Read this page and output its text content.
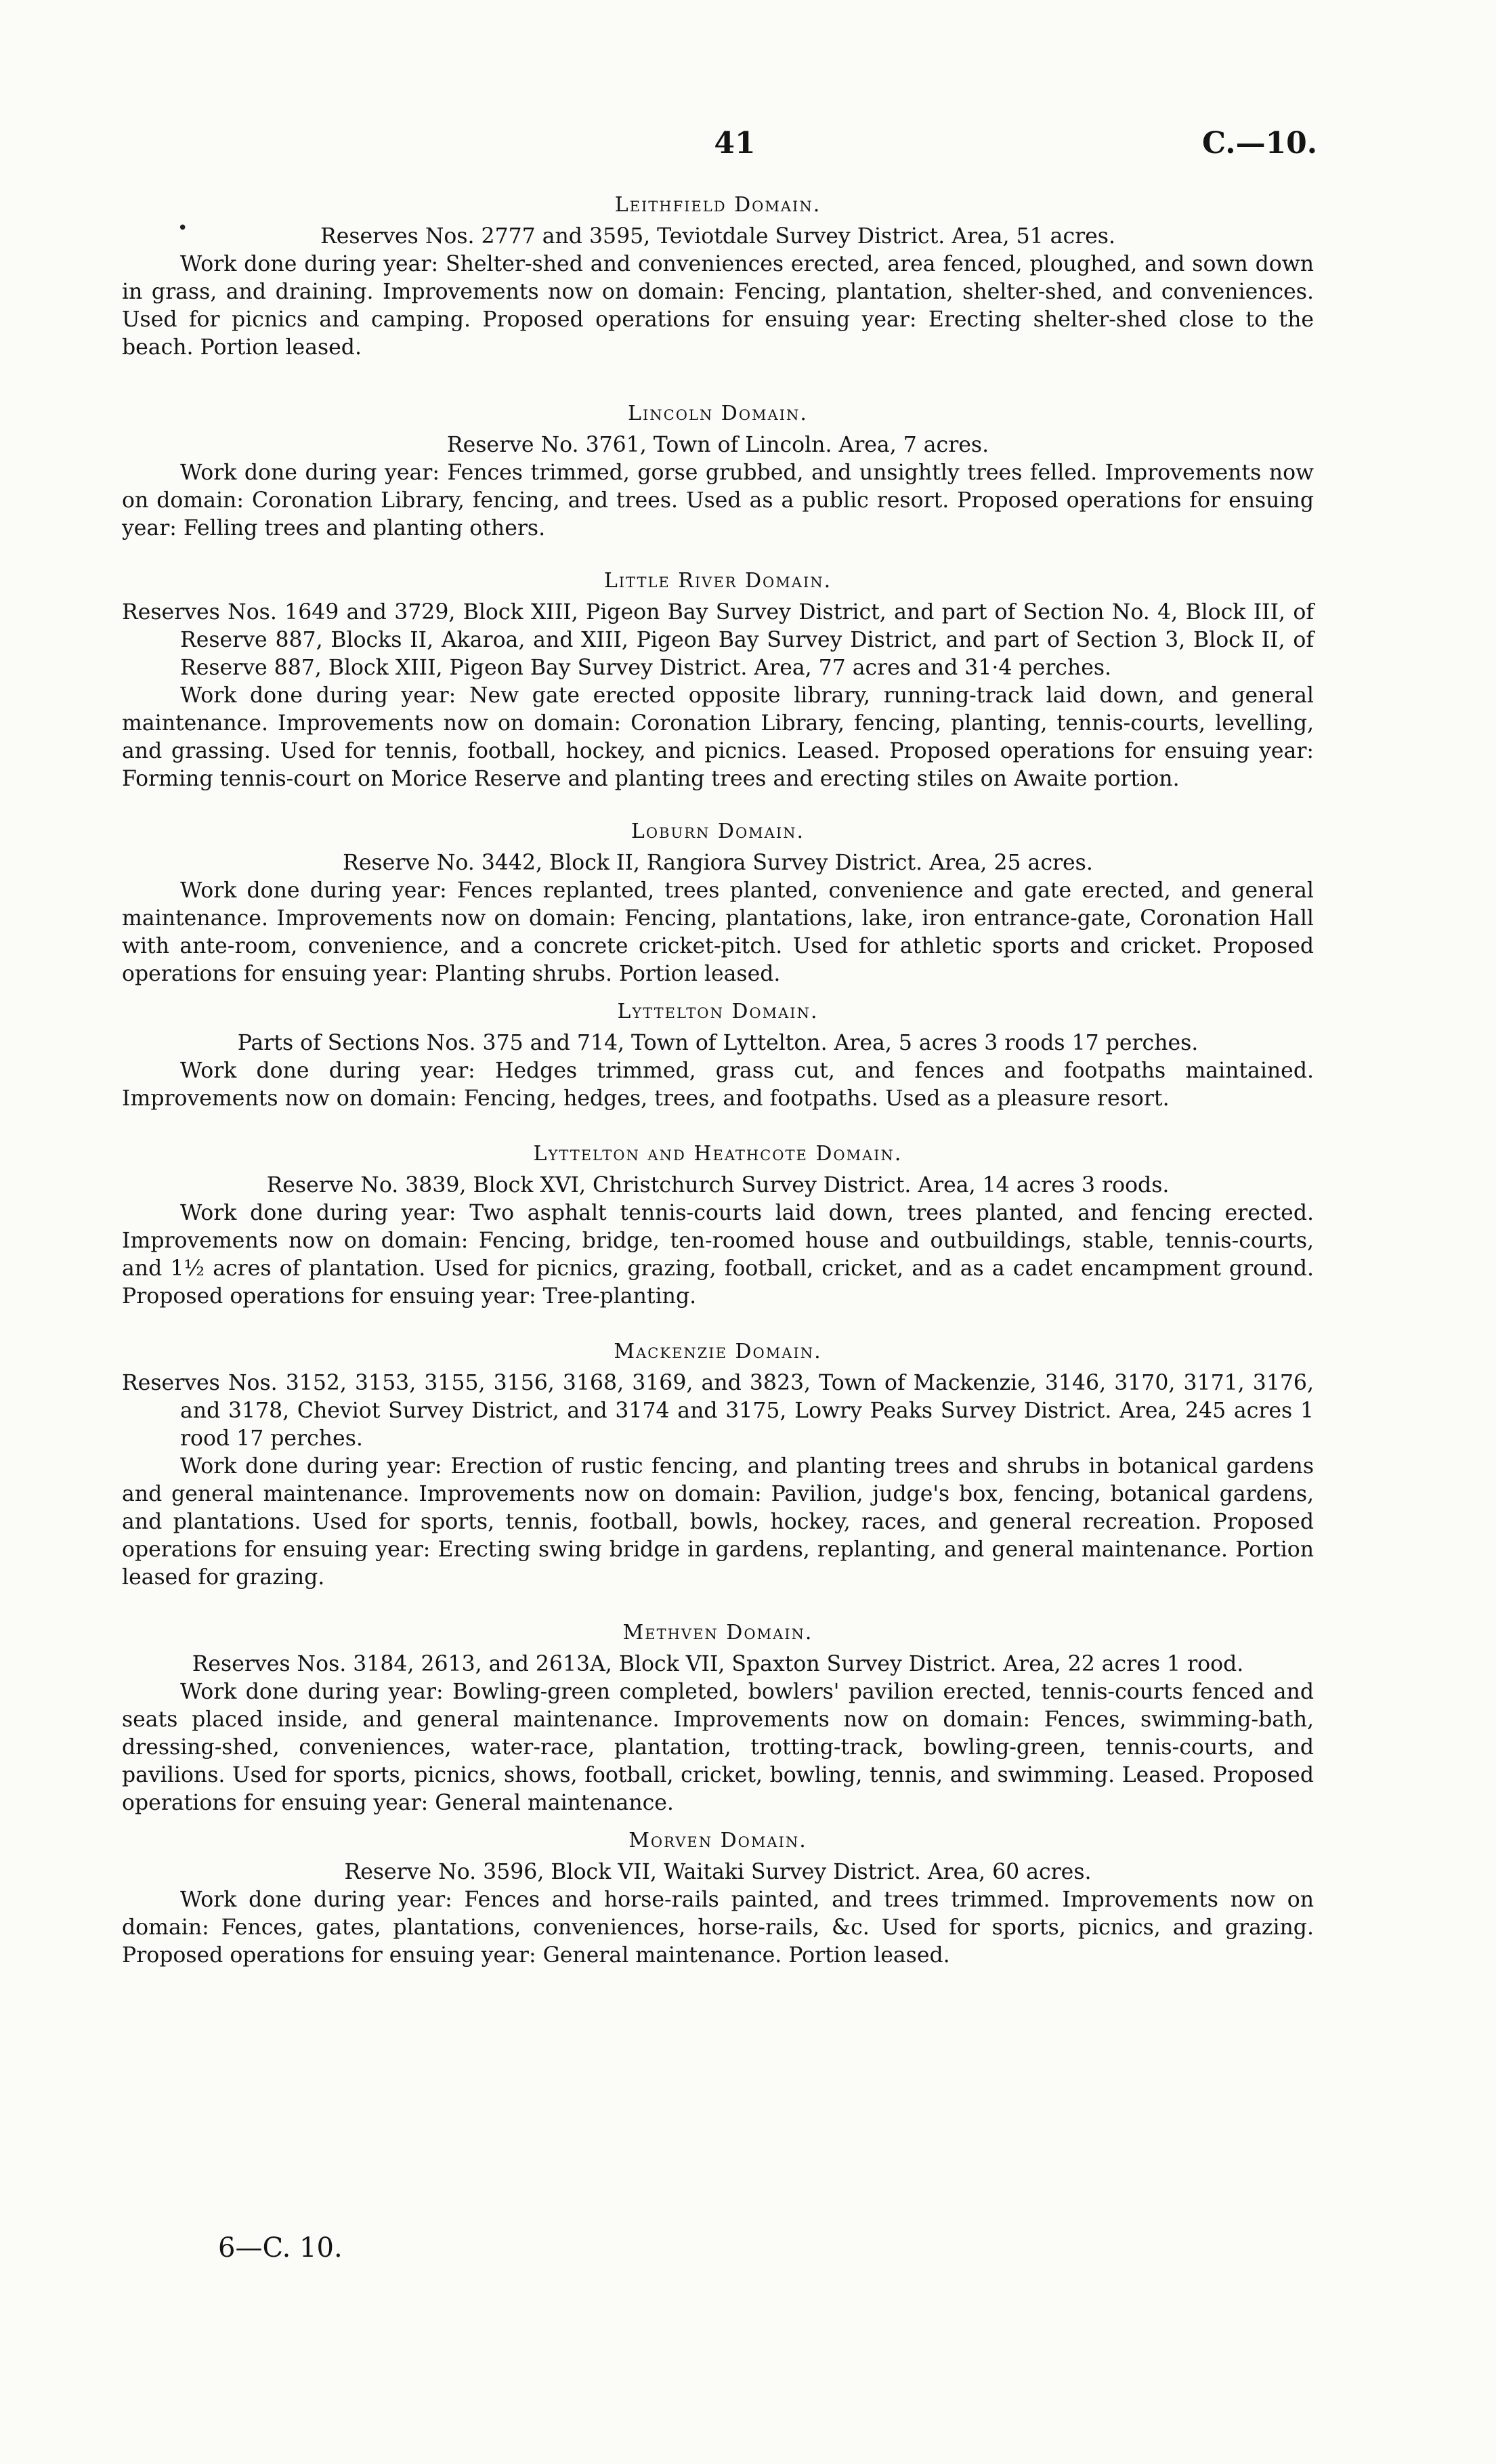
41	C.—10.
•
Leithfield Domain.

Reserves Nos. 2777 and 3595, Teviotdale Survey District. Area, 51 acres.

Work done during year: Shelter-shed and conveniences erected, area fenced, ploughed, and sown down in grass, and draining. Improvements now on domain: Fencing, plantation, shelter-shed, and conveniences. Used for picnics and camping. Proposed operations for ensuing year: Erecting shelter-shed close to the beach. Portion leased.

Lincoln Domain.

Reserve No. 3761, Town of Lincoln. Area, 7 acres.

Work done during year: Fences trimmed, gorse grubbed, and unsightly trees felled. Improvements now on domain: Coronation Library, fencing, and trees. Used as a public resort. Proposed operations for ensuing year: Felling trees and planting others.

Little River Domain.

Reserves Nos. 1649 and 3729, Block XIII, Pigeon Bay Survey District, and part of Section No. 4, Block III, of Reserve 887, Blocks II, Akaroa, and XIII, Pigeon Bay Survey District, and part of Section 3, Block II, of Reserve 887, Block XIII, Pigeon Bay Survey District. Area, 77 acres and 31·4 perches.

Work done during year: New gate erected opposite library, running-track laid down, and general maintenance. Improvements now on domain: Coronation Library, fencing, planting, tennis-courts, levelling, and grassing. Used for tennis, football, hockey, and picnics. Leased. Proposed operations for ensuing year: Forming tennis-court on Morice Reserve and planting trees and erecting stiles on Awaite portion.

Loburn Domain.

Reserve No. 3442, Block II, Rangiora Survey District. Area, 25 acres.

Work done during year: Fences replanted, trees planted, convenience and gate erected, and general maintenance. Improvements now on domain: Fencing, plantations, lake, iron entrance-gate, Coronation Hall with ante-room, convenience, and a concrete cricket-pitch. Used for athletic sports and cricket. Proposed operations for ensuing year: Planting shrubs. Portion leased.

Lyttelton Domain.

Parts of Sections Nos. 375 and 714, Town of Lyttelton. Area, 5 acres 3 roods 17 perches.

Work done during year: Hedges trimmed, grass cut, and fences and footpaths maintained. Improvements now on domain: Fencing, hedges, trees, and footpaths. Used as a pleasure resort.

Lyttelton and Heathcote Domain.

Reserve No. 3839, Block XVI, Christchurch Survey District. Area, 14 acres 3 roods.

Work done during year: Two asphalt tennis-courts laid down, trees planted, and fencing erected. Improvements now on domain: Fencing, bridge, ten-roomed house and outbuildings, stable, tennis-courts, and 1½ acres of plantation. Used for picnics, grazing, football, cricket, and as a cadet encampment ground. Proposed operations for ensuing year: Tree-planting.

Mackenzie Domain.

Reserves Nos. 3152, 3153, 3155, 3156, 3168, 3169, and 3823, Town of Mackenzie, 3146, 3170, 3171, 3176, and 3178, Cheviot Survey District, and 3174 and 3175, Lowry Peaks Survey District. Area, 245 acres 1 rood 17 perches.

Work done during year: Erection of rustic fencing, and planting trees and shrubs in botanical gardens and general maintenance. Improvements now on domain: Pavilion, judge's box, fencing, botanical gardens, and plantations. Used for sports, tennis, football, bowls, hockey, races, and general recreation. Proposed operations for ensuing year: Erecting swing bridge in gardens, replanting, and general maintenance. Portion leased for grazing.

Methven Domain.

Reserves Nos. 3184, 2613, and 2613A, Block VII, Spaxton Survey District. Area, 22 acres 1 rood.

Work done during year: Bowling-green completed, bowlers' pavilion erected, tennis-courts fenced and seats placed inside, and general maintenance. Improvements now on domain: Fences, swimming-bath, dressing-shed, conveniences, water-race, plantation, trotting-track, bowling-green, tennis-courts, and pavilions. Used for sports, picnics, shows, football, cricket, bowling, tennis, and swimming. Leased. Proposed operations for ensuing year: General maintenance.

Morven Domain.

Reserve No. 3596, Block VII, Waitaki Survey District. Area, 60 acres.

Work done during year: Fences and horse-rails painted, and trees trimmed. Improvements now on domain: Fences, gates, plantations, conveniences, horse-rails, &c. Used for sports, picnics, and grazing. Proposed operations for ensuing year: General maintenance. Portion leased.

6—C. 10.
